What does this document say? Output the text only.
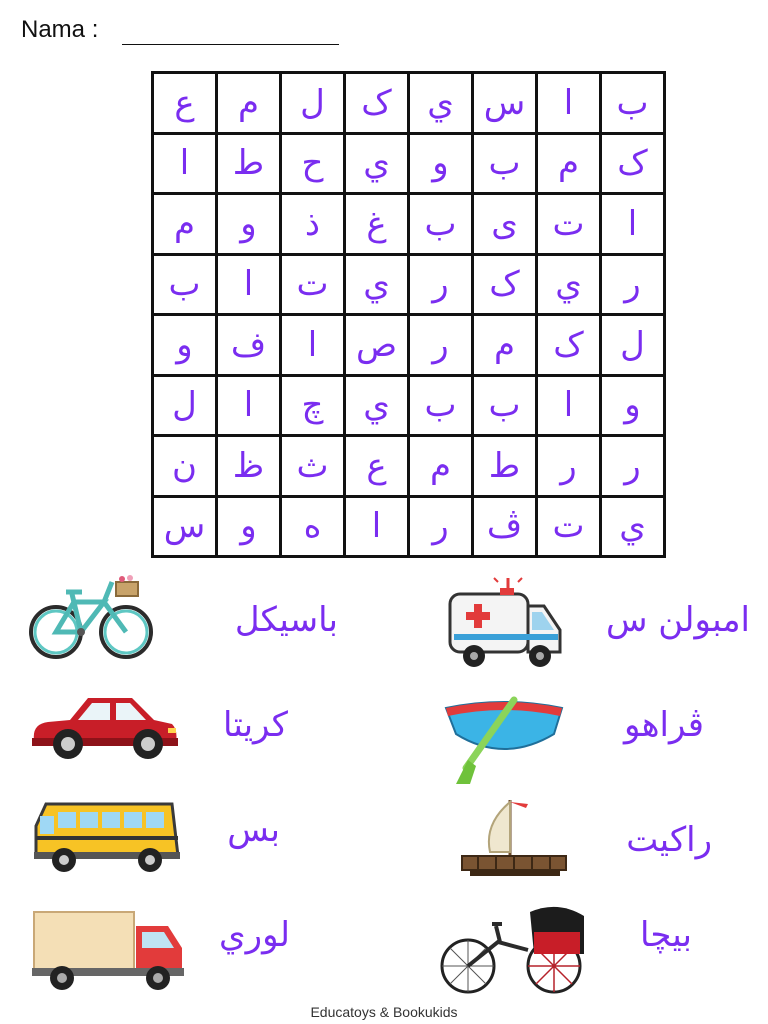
Nama :
ع	م	ل	ک	ي	س	ا	ب
ا	ط	ح	ي	و	ب	م	ک
م	و	ذ	غ	ب	ى	ت	ا
ب	ا	ت	ي	ر	ک	ي	ر
و	ف	ا	ص	ر	م	ک	ل
ل	ا	چ	ي	ب	ب	ا	و
ن	ظ	ث	ع	م	ط	ر	ر
س	و	ه	ا	ر	ڤ	ت	ي
باسيكل
كريتا
بس
لوري
امبولن س
ڤراهو
راكيت
بيچا
Educatoys & Bookukids
